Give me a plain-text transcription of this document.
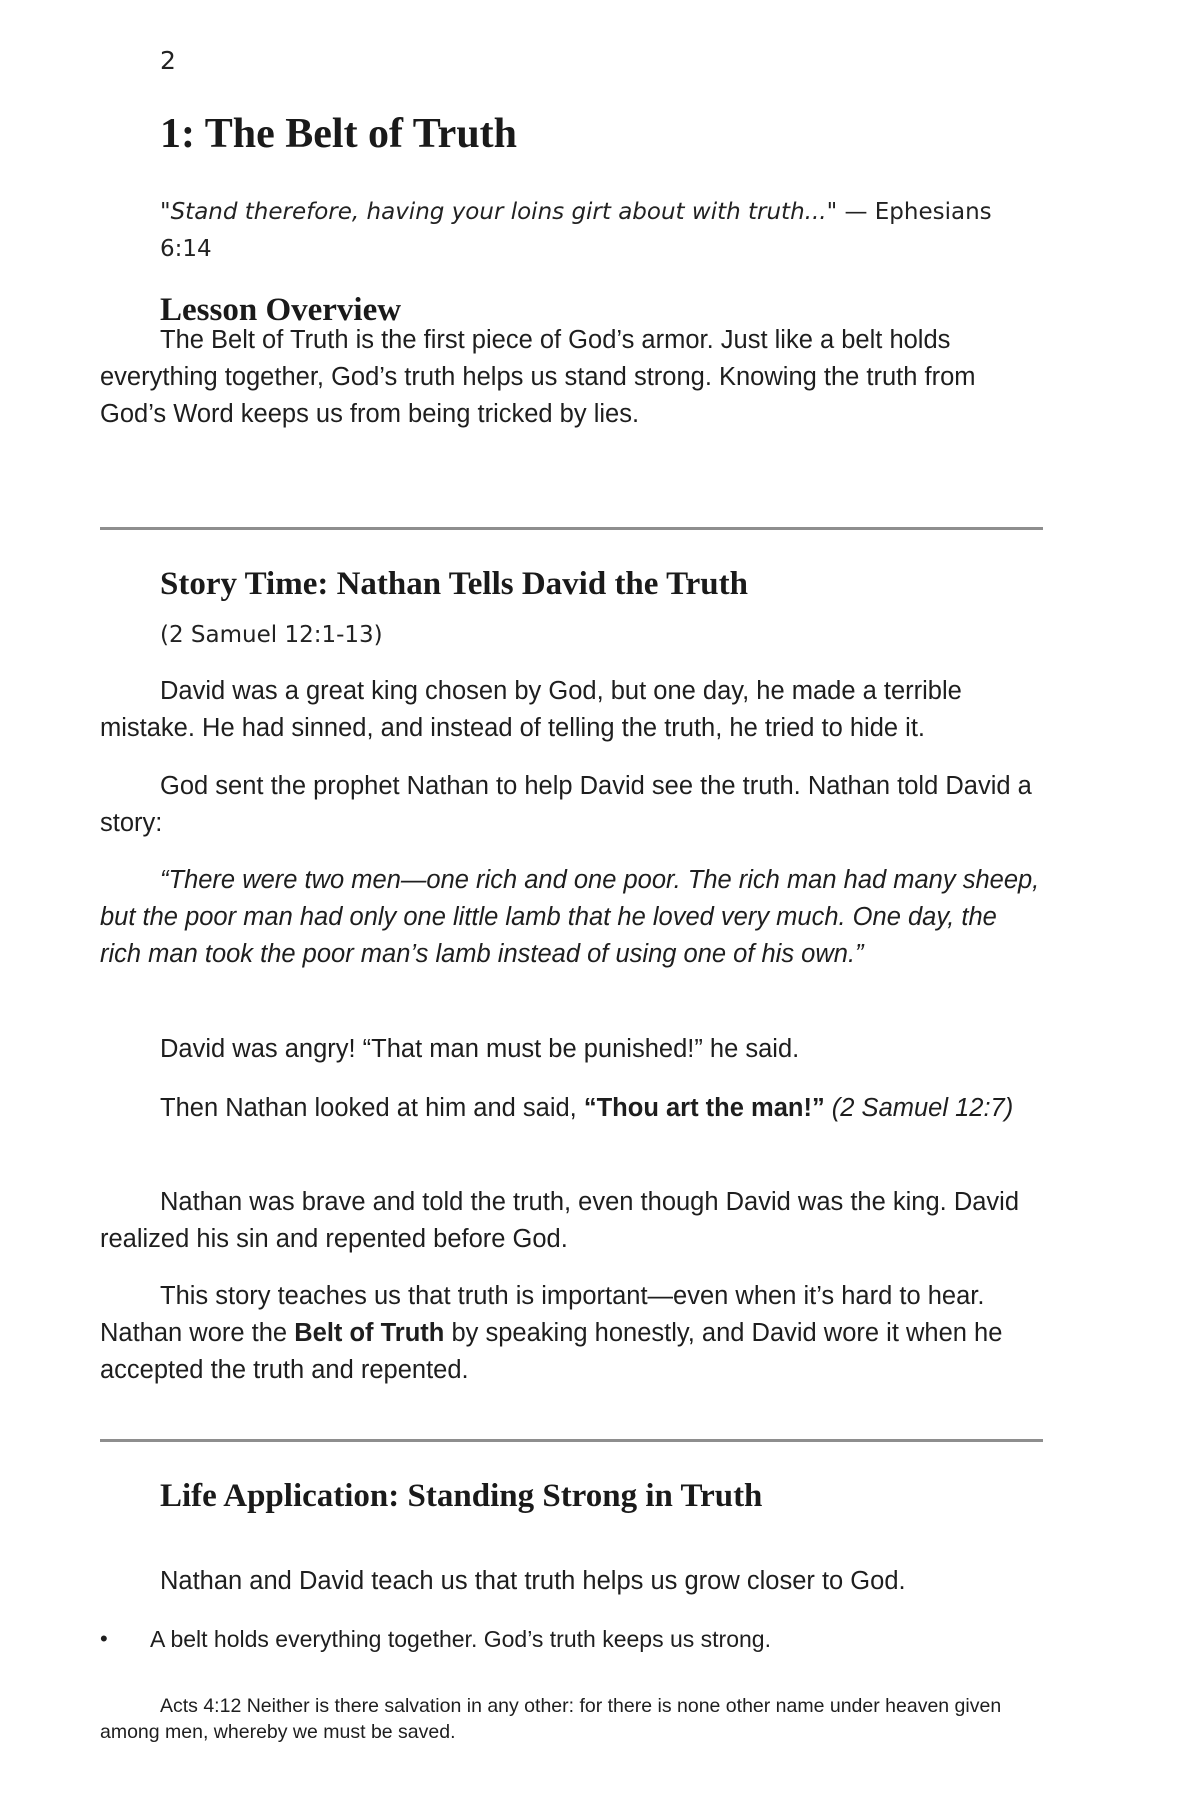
2
1: The Belt of Truth
"Stand therefore, having your loins girt about with truth..." — Ephesians 6:14
Lesson Overview

The Belt of Truth is the first piece of God’s armor. Just like a belt holds everything together, God’s truth helps us stand strong. Knowing the truth from God’s Word keeps us from being tricked by lies.

Story Time: Nathan Tells David the Truth
(2 Samuel 12:1-13)

David was a great king chosen by God, but one day, he made a terrible mistake. He had sinned, and instead of telling the truth, he tried to hide it.

God sent the prophet Nathan to help David see the truth. Nathan told David a story:

“There were two men—one rich and one poor. The rich man had many sheep, but the poor man had only one little lamb that he loved very much. One day, the rich man took the poor man’s lamb instead of using one of his own.”

David was angry! “That man must be punished!” he said.

Then Nathan looked at him and said, “Thou art the man!” (2 Samuel 12:7)

Nathan was brave and told the truth, even though David was the king. David realized his sin and repented before God.

This story teaches us that truth is important—even when it’s hard to hear. Nathan wore the Belt of Truth by speaking honestly, and David wore it when he accepted the truth and repented.

Life Application: Standing Strong in Truth

Nathan and David teach us that truth helps us grow closer to God.

• A belt holds everything together. God’s truth keeps us strong.

Acts 4:12 Neither is there salvation in any other: for there is none other name under heaven given among men, whereby we must be saved.
